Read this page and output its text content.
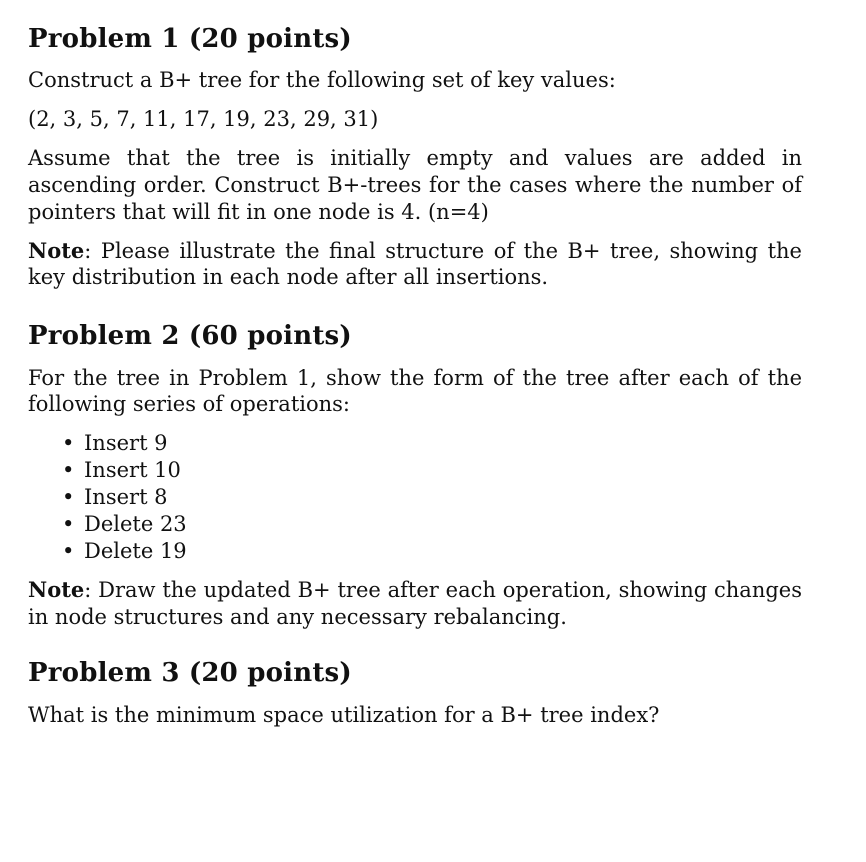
Problem 1 (20 points)

Construct a B+ tree for the following set of key values:

(2, 3, 5, 7, 11, 17, 19, 23, 29, 31)

Assume that the tree is initially empty and values are added in ascending order. Construct B+-trees for the cases where the number of pointers that will fit in one node is 4. (n=4)

Note: Please illustrate the final structure of the B+ tree, showing the key distribution in each node after all insertions.

Problem 2 (60 points)

For the tree in Problem 1, show the form of the tree after each of the following series of operations:

• Insert 9
• Insert 10
• Insert 8
• Delete 23
• Delete 19

Note: Draw the updated B+ tree after each operation, showing changes in node structures and any necessary rebalancing.

Problem 3 (20 points)

What is the minimum space utilization for a B+ tree index?
